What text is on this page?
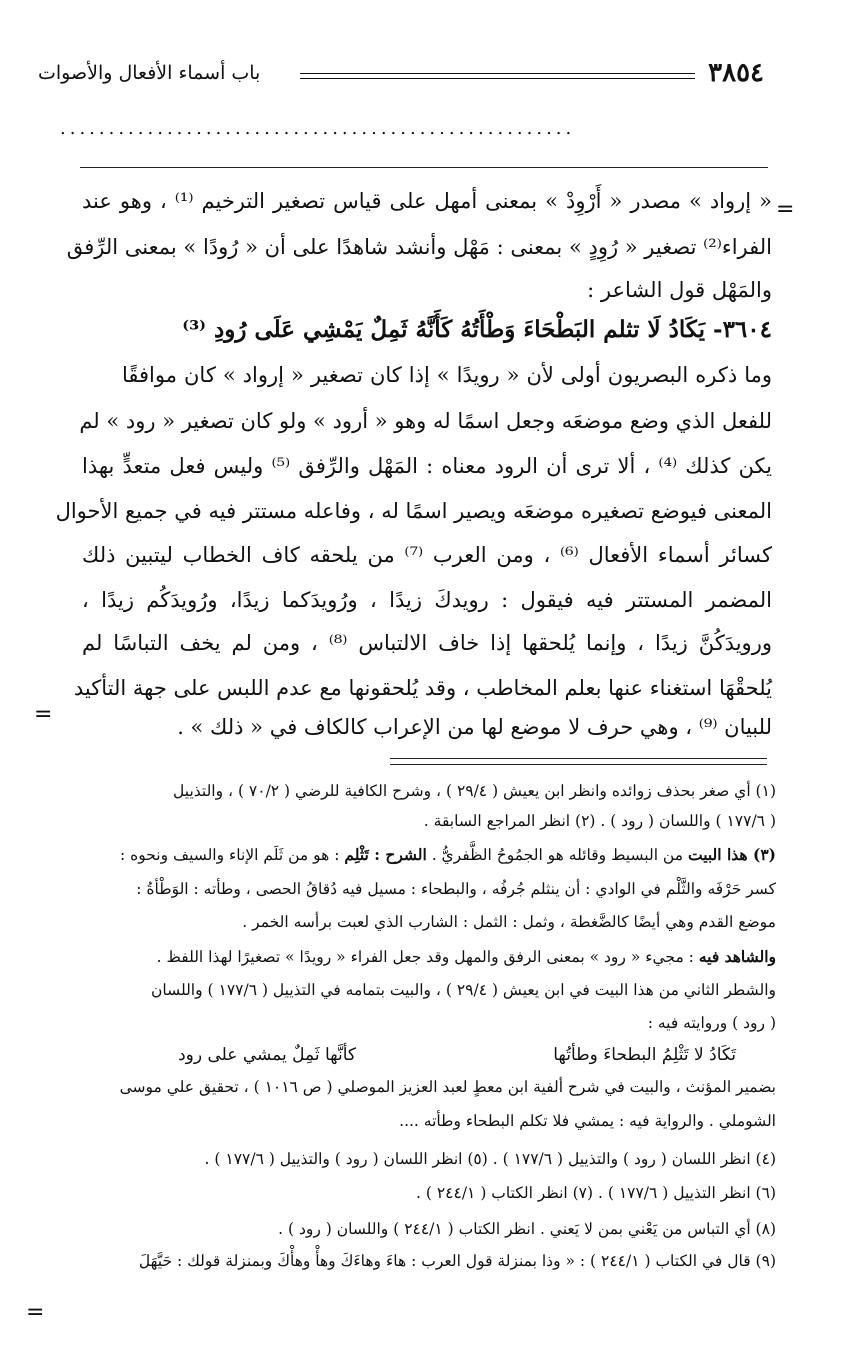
٣٨٥٤
باب أسماء الأفعال والأصوات
.....................................................
=
=
=
« إرواد » مصدر « أَرْوِدْ » بمعنى أمهل على قياس تصغير الترخيم ⁽¹⁾ ، وهو عند
الفراء⁽²⁾ تصغير « رُوِدٍ » بمعنى : مَهْل وأنشد شاهدًا على أن « رُودًا » بمعنى الرِّفق
والمَهْل قول الشاعر :
٣٦٠٤- يَكَادُ لَا تثلم البَطْحَاءَ وَطْأَتُهُ كَأَنَّهُ ثَمِلٌ يَمْشِي عَلَى رُودِ ⁽³⁾
وما ذكره البصريون أولى لأن « رويدًا » إذا كان تصغير « إرواد » كان موافقًا
للفعل الذي وضع موضعَه وجعل اسمًا له وهو « أرود » ولو كان تصغير « رود » لم
يكن كذلك ⁽⁴⁾ ، ألا ترى أن الرود معناه : المَهْل والرِّفق ⁽⁵⁾ وليس فعل متعدٍّ بهذا
المعنى فيوضع تصغيره موضعَه ويصير اسمًا له ، وفاعله مستتر فيه في جميع الأحوال
كسائر أسماء الأفعال ⁽⁶⁾ ، ومن العرب ⁽⁷⁾ من يلحقه كاف الخطاب ليتبين ذلك
المضمر المستتر فيه فيقول : رويدكَ زيدًا ، ورُويدَكما زيدًا، ورُويدَكُم زيدًا ،
ورويدَكُنَّ زيدًا ، وإنما يُلحقها إذا خاف الالتباس ⁽⁸⁾ ، ومن لم يخف التباسًا لم
يُلحقْهَا استغناء عنها بعلم المخاطب ، وقد يُلحقونها مع عدم اللبس على جهة التأكيد
للبيان ⁽⁹⁾ ، وهي حرف لا موضع لها من الإعراب كالكاف في « ذلك » .
(١) أي صغر بحذف زوائده وانظر ابن يعيش ( ٢٩/٤ ) ، وشرح الكافية للرضي ( ٧٠/٢ ) ، والتذييل
( ١٧٧/٦ ) واللسان ( رود ) . (٢) انظر المراجع السابقة .
(٣) هذا البيت من البسيط وقائله هو الجمُوحُ الظَّفريُّ . الشرح : تَثْلِم : هو من ثَلَم الإناء والسيف ونحوه :
كسر حَرْفَه والثَّلْم في الوادي : أن ينثلم جُرفُه ، والبطحاء : مسيل فيه دُقاقُ الحصى ، وطأته : الوَطْأةُ :
موضع القدم وهي أيضًا كالضَّغطة ، وثمل : الثمل : الشارب الذي لعبت برأسه الخمر .
والشاهد فيه : مجيء « رود » بمعنى الرفق والمهل وقد جعل الفراء « رويدًا » تصغيرًا لهذا اللفظ .
والشطر الثاني من هذا البيت في ابن يعيش ( ٢٩/٤ ) ، والبيت بتمامه في التذييل ( ١٧٧/٦ ) واللسان
( رود ) وروايته فيه :
تَكَادُ لا تَثْلِمُ البطحاءَ وطأتُها
كأنَّها ثَمِلٌ يمشي على رود
بضمير المؤنث ، والبيت في شرح ألفية ابن معطٍ لعبد العزيز الموصلي ( ص ١٠١٦ ) ، تحقيق علي موسى
الشوملي . والرواية فيه : يمشي فلا تكلم البطحاء وطأته ....
(٤) انظر اللسان ( رود ) والتذييل ( ١٧٧/٦ ) . (٥) انظر اللسان ( رود ) والتذييل ( ١٧٧/٦ ) .
(٦) انظر التذييل ( ١٧٧/٦ ) . (٧) انظر الكتاب ( ٢٤٤/١ ) .
(٨) أي التباس من يَعْني بمن لا يَعني . انظر الكتاب ( ٢٤٤/١ ) واللسان ( رود ) .
(٩) قال في الكتاب ( ٢٤٤/١ ) : « وذا بمنزلة قول العرب : هاءَ وهاءَكَ وهأْ وهأْكَ وبمنزلة قولك : حَيَّهَلَ
